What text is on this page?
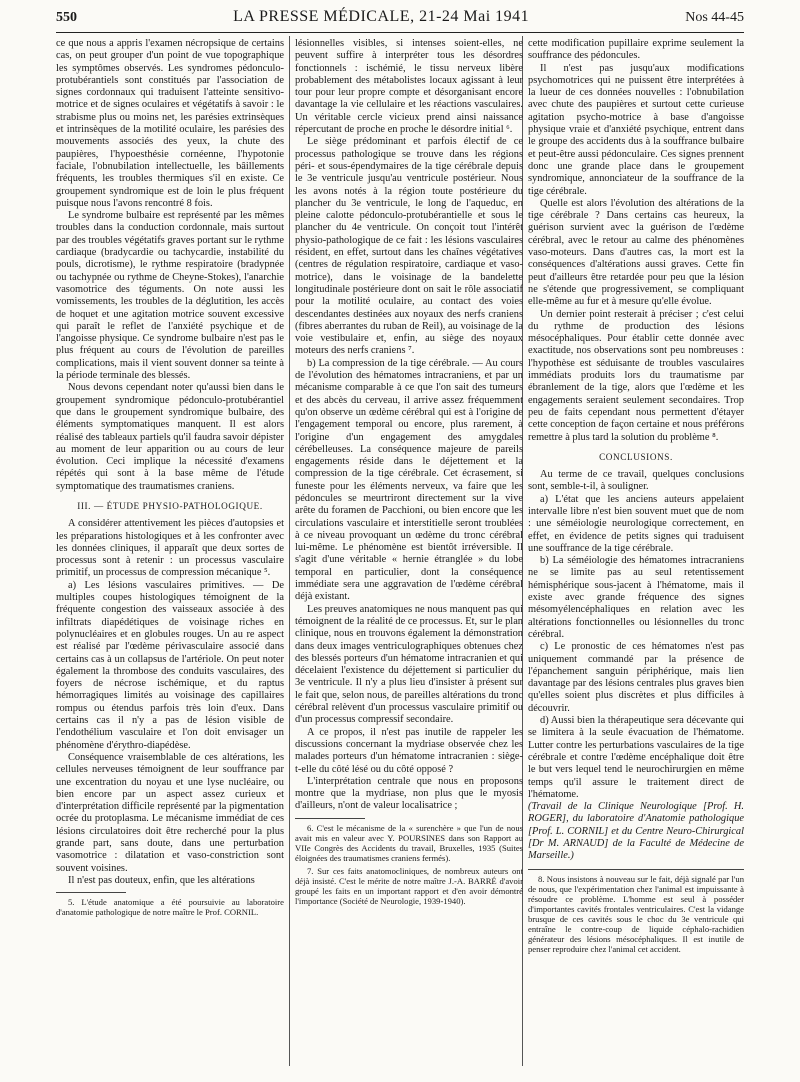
550	LA PRESSE MÉDICALE, 21-24 Mai 1941	Nos 44-45

ce que nous a appris l'examen nécropsique de certains cas, on peut grouper d'un point de vue topographique les symptômes observés. Les syndromes pédonculo-protubérantiels sont constitués par l'association de signes cordonnaux qui traduisent l'atteinte sensitivo-motrice et de signes oculaires et végétatifs à savoir : le strabisme plus ou moins net, les parésies extrinsèques et intrinsèques de la motilité oculaire, les parésies des mouvements associés des yeux, la chute des paupières, l'hypoesthésie cornéenne, l'hypotonie faciale, l'obnubilation intellectuelle, les bâillements fréquents, les troubles thermiques s'il en existe. Ce groupement syndromique est de loin le plus fréquent puisque nous l'avons rencontré 8 fois.

Le syndrome bulbaire est représenté par les mêmes troubles dans la conduction cordonnale, mais surtout par des troubles végétatifs graves portant sur le rythme cardiaque (bradycardie ou tachycardie, instabilité du pouls, dicrotisme), le rythme respiratoire (bradypnée ou tachypnée ou rythme de Cheyne-Stokes), l'anarchie vasomotrice des téguments. On note aussi les vomissements, les troubles de la déglutition, les accès de hoquet et une agitation motrice souvent excessive qui paraît le reflet de l'anxiété psychique et de l'angoisse physique. Ce syndrome bulbaire n'est pas le plus fréquent au cours de l'évolution de pareilles complications, mais il vient souvent donner sa teinte à la période terminale des blessés.

Nous devons cependant noter qu'aussi bien dans le groupement syndromique pédonculo-protubérantiel que dans le groupement syndromique bulbaire, des éléments symptomatiques manquent. Il est alors réalisé des tableaux partiels qu'il faudra savoir dépister au moment de leur apparition ou au cours de leur évolution. Ceci implique la nécessité d'examens répétés qui sont à la base même de l'étude symptomatique des traumatismes craniens.

III. — ÉTUDE PHYSIO-PATHOLOGIQUE.

A considérer attentivement les pièces d'autopsies et les préparations histologiques et à les confronter avec les données cliniques, il apparaît que deux sortes de processus sont à retenir : un processus vasculaire primitif, un processus de compression mécanique ⁵.

a) Les lésions vasculaires primitives. — De multiples coupes histologiques témoignent de la fréquente congestion des vaisseaux associée à des infiltrats diapédétiques de voisinage riches en polynucléaires et en globules rouges. Un au re aspect est réalisé par l'œdème périvasculaire associé dans certains cas à un collapsus de l'artériole. On peut noter également la thrombose des conduits vasculaires, des foyers de nécrose ischémique, et du raptus hémorragiques limités au voisinage des capillaires rompus ou étendus parfois très loin d'eux. Dans certains cas il n'y a pas de lésion visible de l'endothélium vasculaire et l'on doit envisager un phénomène d'érythro-diapédèse.

Conséquence vraisemblable de ces altérations, les cellules nerveuses témoignent de leur souffrance par une excentration du noyau et une lyse nucléaire, ou bien encore par un aspect assez curieux et d'interprétation difficile représenté par la pigmentation ocrée du protoplasma. Le mécanisme immédiat de ces lésions circulatoires doit être recherché pour la plus grande part, sans doute, dans une perturbation vasomotrice : dilatation et vaso-constriction sont souvent voisines.

Il n'est pas douteux, enfin, que les altérations

5. L'étude anatomique a été poursuivie au laboratoire d'anatomie pathologique de notre maître le Prof. CORNIL.

lésionnelles visibles, si intenses soient-elles, ne peuvent suffire à interpréter tous les désordres fonctionnels : ischémié, le tissu nerveux libère probablement des métabolistes locaux agissant à leur tour pour leur propre compte et désorganisant encore davantage la vie cellulaire et les réactions vasculaires. Un véritable cercle vicieux prend ainsi naissance répercutant de proche en proche le désordre initial ⁶.

Le siège prédominant et parfois électif de ce processus pathologique se trouve dans les régions péri- et sous-épendymaires de la tige cérébrale depuis le 3e ventricule jusqu'au ventricule postérieur. Nous les avons notés à la région toute postérieure du plancher du 3e ventricule, le long de l'aqueduc, en pleine calotte pédonculo-protubérantielle et sous le plancher du 4e ventricule. On conçoit tout l'intérêt physio-pathologique de ce fait : les lésions vasculaires résident, en effet, surtout dans les chaînes végétatives (centres de régulation respiratoire, cardiaque et vaso-motrice), dans le voisinage de la bandelette longitudinale postérieure dont on sait le rôle associatif pour la motilité oculaire, au contact des voies descendantes destinées aux noyaux des nerfs craniens (fibres aberrantes du ruban de Reil), au voisinage de la voie vestibulaire et, enfin, au siège des noyaux moteurs des nerfs craniens ⁷.

b) La compression de la tige cérébrale. — Au cours de l'évolution des hématomes intracraniens, et par un mécanisme comparable à ce que l'on sait des tumeurs et des abcès du cerveau, il arrive assez fréquemment qu'on observe un œdème cérébral qui est à l'origine de l'engagement temporal ou encore, plus rarement, à l'origine d'un engagement des amygdales cérébelleuses. La conséquence majeure de pareils engagements réside dans le déjettement et la compression de la tige cérébrale. Cet écrasement, si funeste pour les éléments nerveux, va faire que les pédoncules se meurtriront directement sur la vive arête du foramen de Pacchioni, ou bien encore que les circulations vasculaire et interstitielle seront troublées à ce niveau provoquant un œdème du tronc cérébral lui-même. Le phénomène est bientôt irréversible. Il s'agit d'une véritable « hernie étranglée » du lobe temporal en particulier, dont la conséquence immédiate sera une aggravation de l'œdème cérébral déjà existant.

Les preuves anatomiques ne nous manquent pas qui témoignent de la réalité de ce processus. Et, sur le plan clinique, nous en trouvons également la démonstration dans deux images ventriculographiques obtenues chez des blessés porteurs d'un hématome intracranien et qui décelaient l'existence du déjettement si particulier du 3e ventricule. Il n'y a plus lieu d'insister à présent sur le fait que, selon nous, de pareilles altérations du tronc cérébral relèvent d'un processus vasculaire primitif ou d'un processus compressif secondaire.

A ce propos, il n'est pas inutile de rappeler les discussions concernant la mydriase observée chez les malades porteurs d'un hématome intracranien : siège-t-elle du côté lésé ou du côté opposé ?

L'interprétation centrale que nous en proposons montre que la mydriase, non plus que le myosis d'ailleurs, n'ont de valeur localisatrice ;

6. C'est le mécanisme de la « surenchère » que l'un de nous avait mis en valeur avec Y. POURSINES dans son Rapport au VIIe Congrès des Accidents du travail, Bruxelles, 1935 (Suites éloignées des traumatismes craniens fermés).

7. Sur ces faits anatomocliniques, de nombreux auteurs ont déjà insisté. C'est le mérite de notre maître J.-A. BARRÉ d'avoir groupé les faits en un important rapport et d'en avoir démontré l'importance (Société de Neurologie, 1939-1940).

cette modification pupillaire exprime seulement la souffrance des pédoncules.

Il n'est pas jusqu'aux modifications psychomotrices qui ne puissent être interprétées à la lueur de ces données nouvelles : l'obnubilation avec chute des paupières et surtout cette curieuse agitation psycho-motrice à base d'angoisse physique vraie et d'anxiété psychique, entrent dans le groupe des accidents dus à la souffrance bulbaire et peut-être aussi pédonculaire. Ces signes prennent donc une grande place dans le groupement syndromique, annonciateur de la souffrance de la tige cérébrale.

Quelle est alors l'évolution des altérations de la tige cérébrale ? Dans certains cas heureux, la guérison survient avec la guérison de l'œdème cérébral, avec le retour au calme des phénomènes vaso-moteurs. Dans d'autres cas, la mort est la conséquences d'altérations aussi graves. Cette fin peut d'ailleurs être retardée pour peu que la lésion ne s'étende que progressivement, se compliquant elle-même au fur et à mesure qu'elle évolue.

Un dernier point resterait à préciser ; c'est celui du rythme de production des lésions mésocéphaliques. Pour établir cette donnée avec exactitude, nos observations sont peu nombreuses : l'hypothèse est séduisante de troubles vasculaires immédiats produits lors du traumatisme par ébranlement de la tige, alors que l'œdème et les engagements seraient seulement secondaires. Trop peu de faits cependant nous permettent d'étayer cette conception de façon certaine et nous préférons remettre à plus tard la solution du problème ⁸.

CONCLUSIONS.

Au terme de ce travail, quelques conclusions sont, semble-t-il, à souligner.

a) L'état que les anciens auteurs appelaient intervalle libre n'est bien souvent muet que de nom : une séméiologie neurologique correctement, en effet, en évidence de petits signes qui traduisent une souffrance de la tige cérébrale.

b) La séméiologie des hématomes intracraniens ne se limite pas au seul retentissement hémisphérique sous-jacent à l'hématome, mais il existe avec grande fréquence des signes mésomyélencéphaliques en relation avec les altérations fonctionnelles ou lésionnelles du tronc cérébral.

c) Le pronostic de ces hématomes n'est pas uniquement commandé par la présence de l'épanchement sanguin périphérique, mais lien davantage par des lésions centrales plus graves bien qu'elles soient plus discrètes et plus difficiles à découvrir.

d) Aussi bien la thérapeutique sera décevante qui se limitera à la seule évacuation de l'hématome. Lutter contre les perturbations vasculaires de la tige cérébrale et contre l'œdème encéphalique doit être le but vers lequel tend le neurochirurgien en même temps qu'il assure le traitement direct de l'hématome.

(Travail de la Clinique Neurologique [Prof. H. ROGER], du laboratoire d'Anatomie pathologique [Prof. L. CORNIL] et du Centre Neuro-Chirurgical [Dr M. ARNAUD] de la Faculté de Médecine de Marseille.)

8. Nous insistons à nouveau sur le fait, déjà signalé par l'un de nous, que l'expérimentation chez l'animal est impuissante à résoudre ce problème. L'homme est seul à posséder d'importantes cavités frontales ventriculaires. C'est la vidange brusque de ces cavités sous le choc du 3e ventricule qui entraîne le contre-coup de liquide céphalo-rachidien générateur des lésions mésocéphaliques. Il est inutile de penser reproduire chez l'animal cet accident.
